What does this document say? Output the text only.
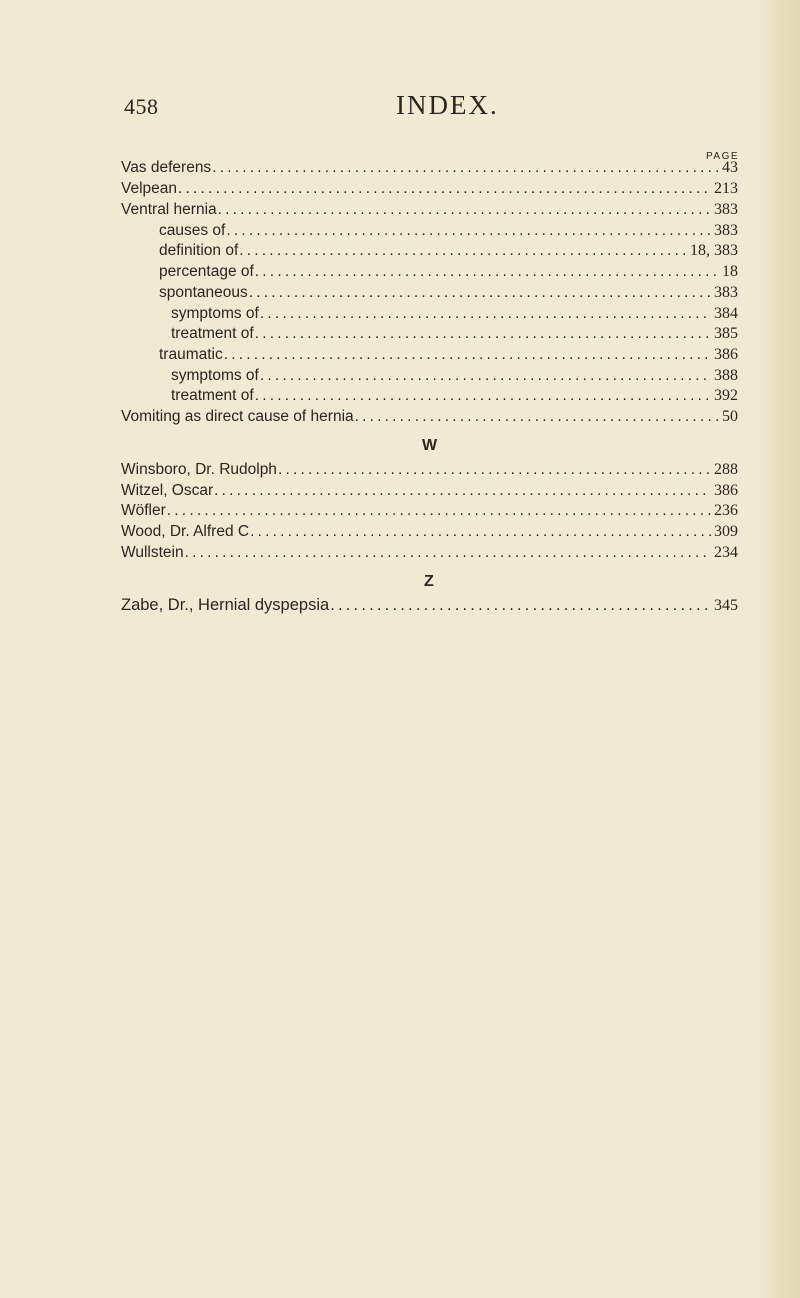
458	INDEX.
PAGE
Vas deferens .....	43
Velpean .....	213
Ventral hernia .....	383
causes of .....	383
definition of .....	18, 383
percentage of .....	18
spontaneous .....	383
symptoms of .....	384
treatment of .....	385
traumatic .....	386
symptoms of .....	388
treatment of .....	392
Vomiting as direct cause of hernia .....	50
W
Winsboro, Dr. Rudolph .....	288
Witzel, Oscar .....	386
Wöfler .....	236
Wood, Dr. Alfred C .....	309
Wullstein .....	234
Z
Zabe, Dr., Hernial dyspepsia .....	345
